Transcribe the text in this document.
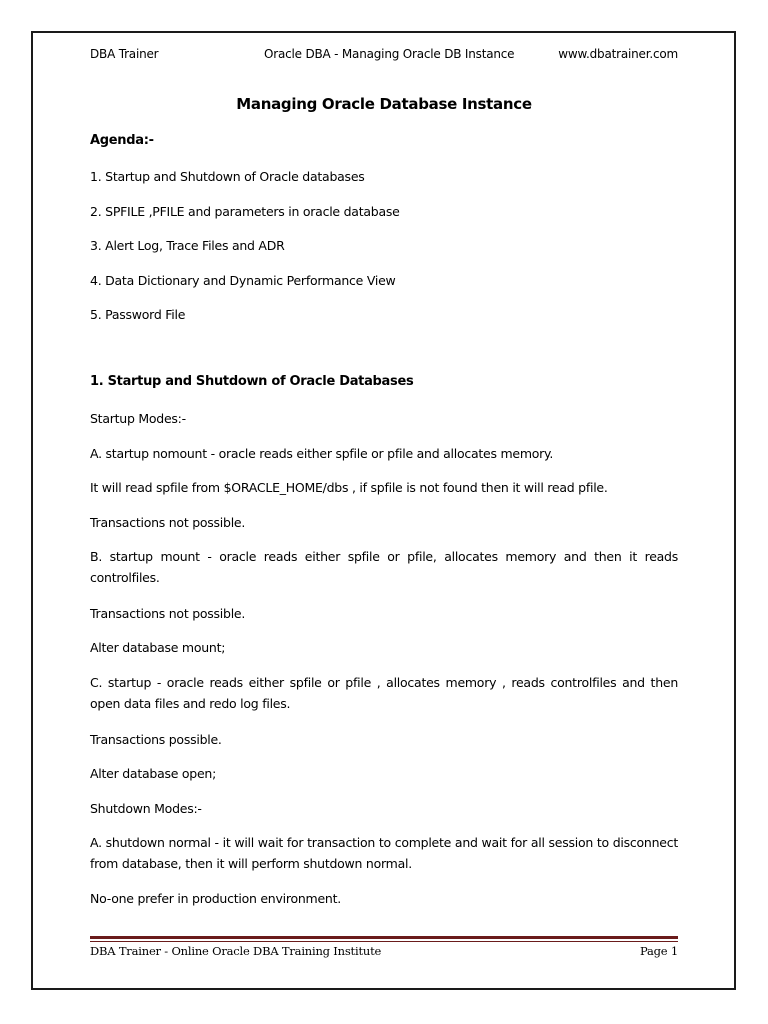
DBA Trainer	Oracle DBA - Managing Oracle DB Instance	www.dbatrainer.com
Managing Oracle Database Instance
Agenda:-
1. Startup and Shutdown of Oracle databases
2. SPFILE ,PFILE and parameters in oracle database
3. Alert Log, Trace Files and ADR
4. Data Dictionary and Dynamic Performance View
5. Password File
1. Startup and Shutdown of Oracle Databases
Startup Modes:-
A. startup nomount - oracle reads either spfile or pfile and allocates memory.
It will read spfile from $ORACLE_HOME/dbs , if spfile is not found then it will read pfile.
Transactions not possible.
B. startup mount - oracle reads either spfile or pfile, allocates memory and then it reads controlfiles.
Transactions not possible.
Alter database mount;
C. startup - oracle reads either spfile or pfile , allocates memory , reads controlfiles and then open data files and redo log files.
Transactions possible.
Alter database open;
Shutdown Modes:-
A. shutdown normal - it will wait for transaction to complete and wait for all session to disconnect from database, then it will perform shutdown normal.
No-one prefer in production environment.
DBA Trainer - Online Oracle DBA Training Institute	Page 1
